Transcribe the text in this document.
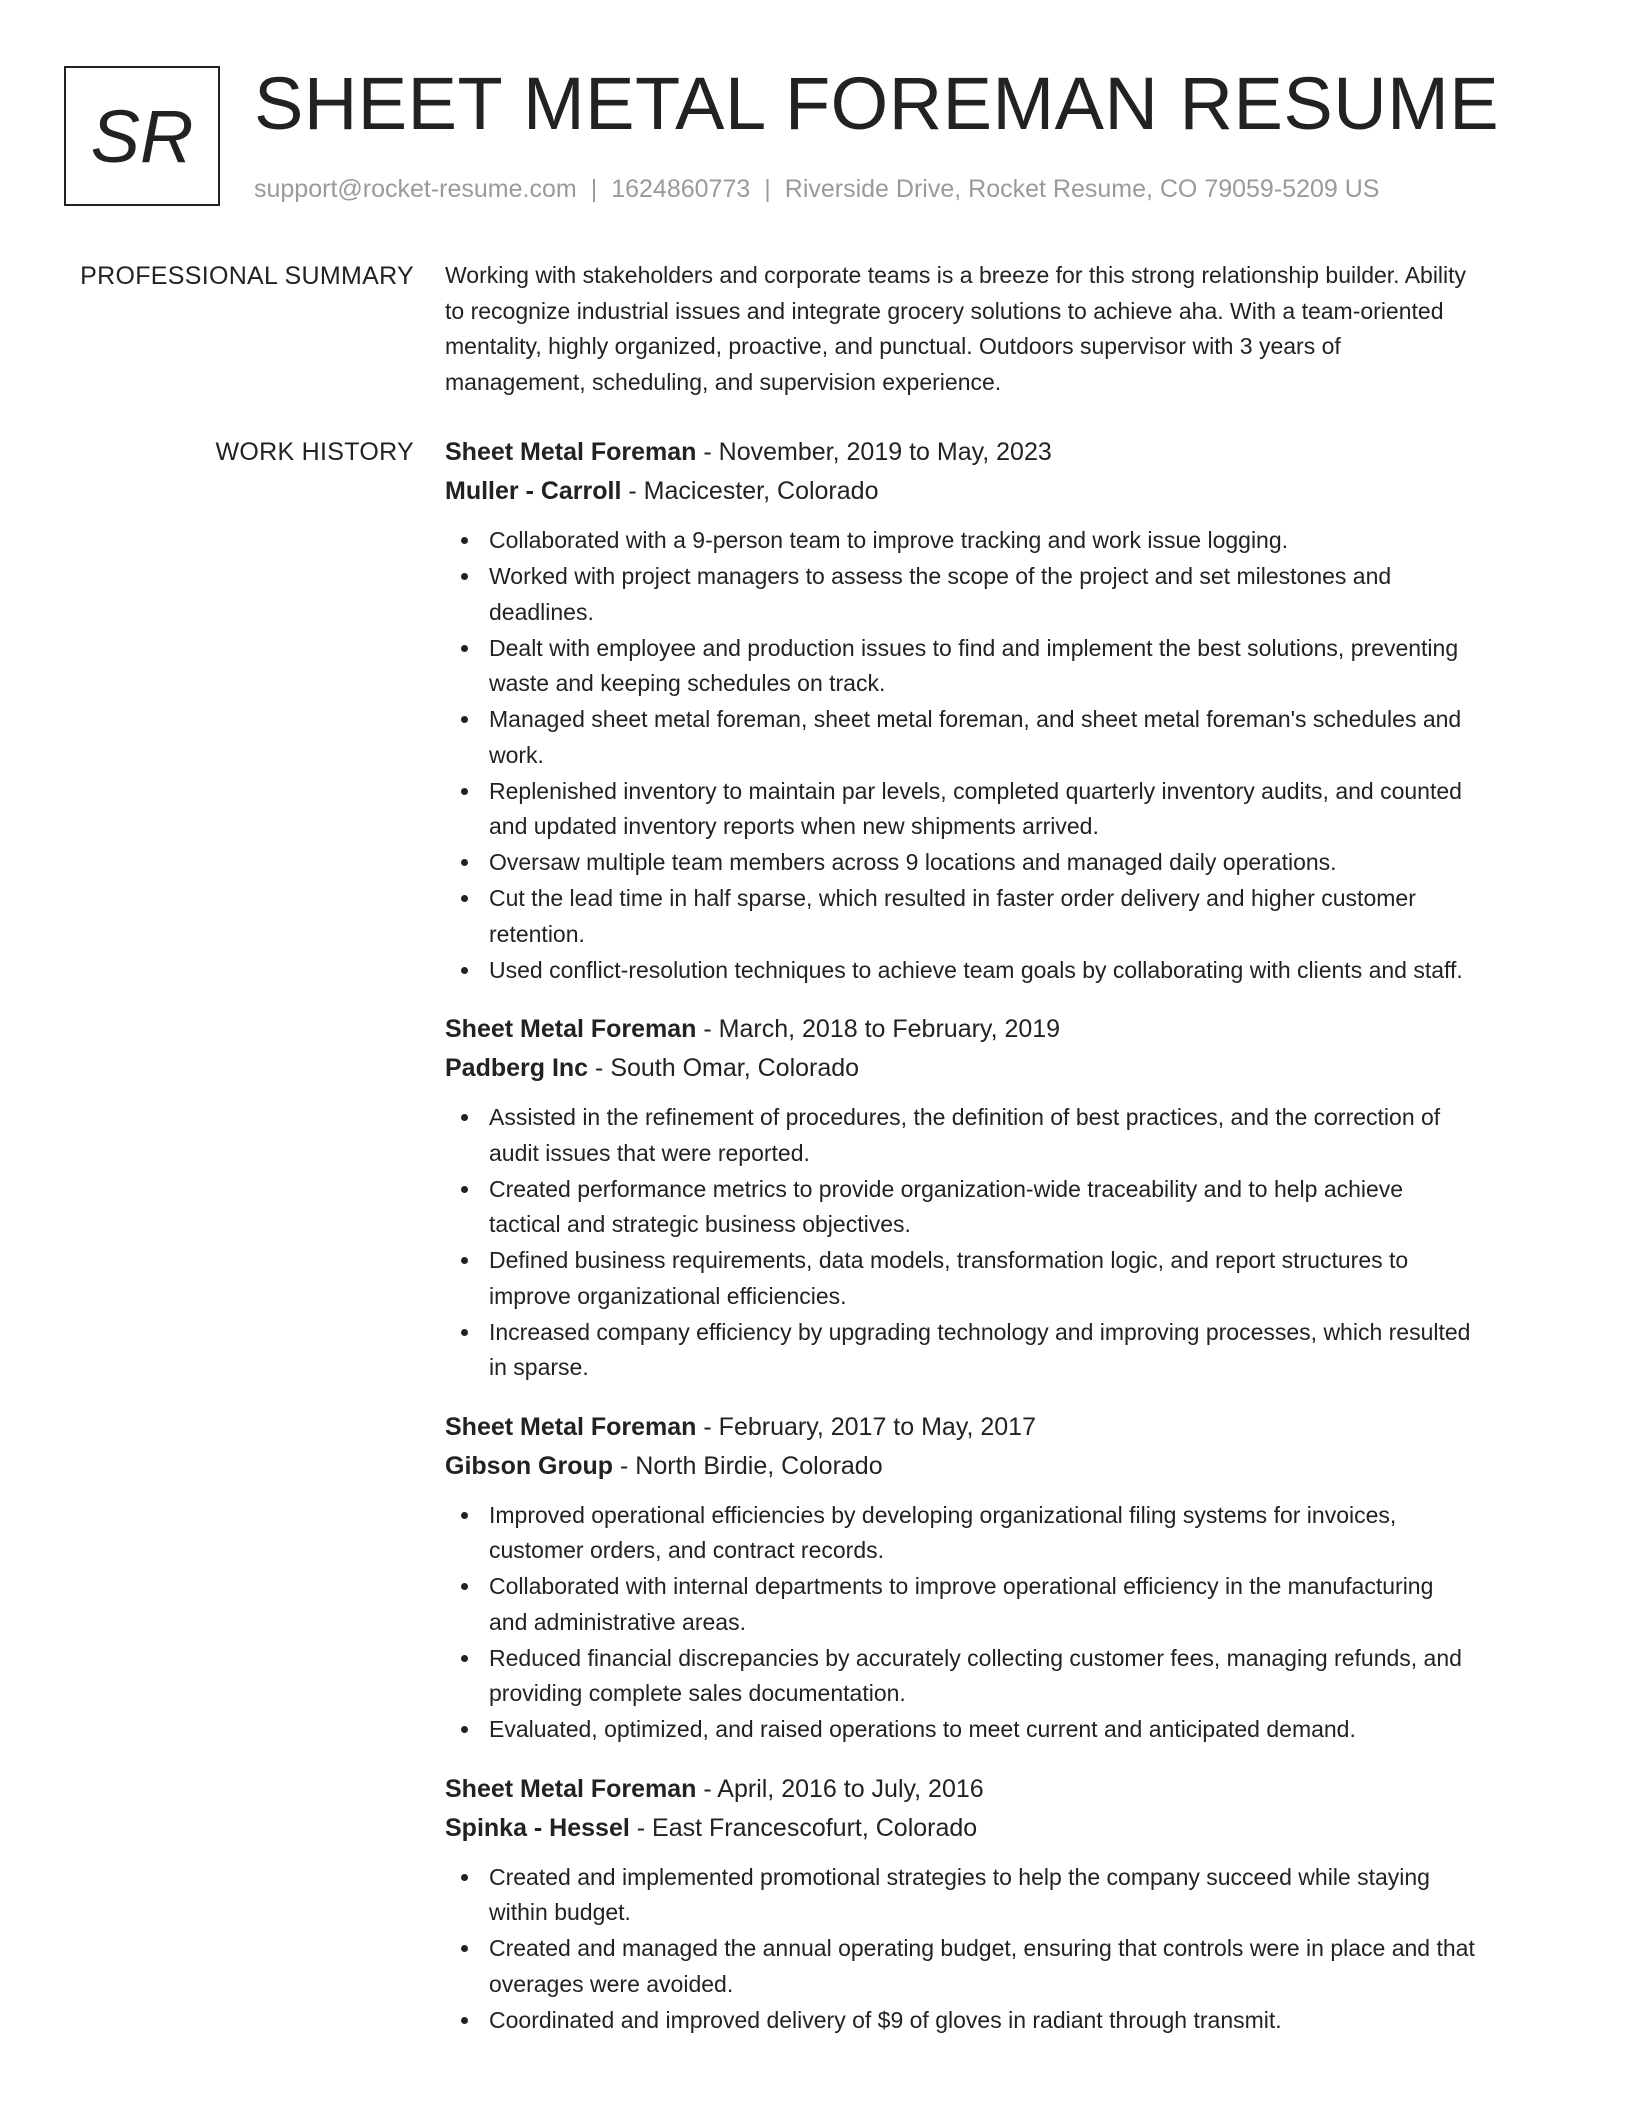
SR SHEET METAL FOREMAN RESUME
support@rocket-resume.com | 1624860773 | Riverside Drive, Rocket Resume, CO 79059-5209 US
PROFESSIONAL SUMMARY Working with stakeholders and corporate teams is a breeze for this strong relationship builder. Ability
to recognize industrial issues and integrate grocery solutions to achieve aha. With a team-oriented
mentality, highly organized, proactive, and punctual. Outdoors supervisor with 3 years of
management, scheduling, and supervision experience.

WORK HISTORY Sheet Metal Foreman - November, 2019 to May, 2023
Muller - Carroll - Macicester, Colorado
Collaborated with a 9-person team to improve tracking and work issue logging.
Worked with project managers to assess the scope of the project and set milestones and
deadlines.
Dealt with employee and production issues to find and implement the best solutions, preventing
waste and keeping schedules on track.
Managed sheet metal foreman, sheet metal foreman, and sheet metal foreman's schedules and
work.
Replenished inventory to maintain par levels, completed quarterly inventory audits, and counted
and updated inventory reports when new shipments arrived.
Oversaw multiple team members across 9 locations and managed daily operations.
Cut the lead time in half sparse, which resulted in faster order delivery and higher customer
retention.
Used conflict-resolution techniques to achieve team goals by collaborating with clients and staff.
Sheet Metal Foreman - March, 2018 to February, 2019
Padberg Inc - South Omar, Colorado
Assisted in the refinement of procedures, the definition of best practices, and the correction of
audit issues that were reported.
Created performance metrics to provide organization-wide traceability and to help achieve
tactical and strategic business objectives.
Defined business requirements, data models, transformation logic, and report structures to
improve organizational efficiencies.
Increased company efficiency by upgrading technology and improving processes, which resulted
in sparse.
Sheet Metal Foreman - February, 2017 to May, 2017
Gibson Group - North Birdie, Colorado
Improved operational efficiencies by developing organizational filing systems for invoices,
customer orders, and contract records.
Collaborated with internal departments to improve operational efficiency in the manufacturing
and administrative areas.
Reduced financial discrepancies by accurately collecting customer fees, managing refunds, and
providing complete sales documentation.
Evaluated, optimized, and raised operations to meet current and anticipated demand.
Sheet Metal Foreman - April, 2016 to July, 2016
Spinka - Hessel - East Francescofurt, Colorado
Created and implemented promotional strategies to help the company succeed while staying
within budget.
Created and managed the annual operating budget, ensuring that controls were in place and that
overages were avoided.
Coordinated and improved delivery of $9 of gloves in radiant through transmit.
